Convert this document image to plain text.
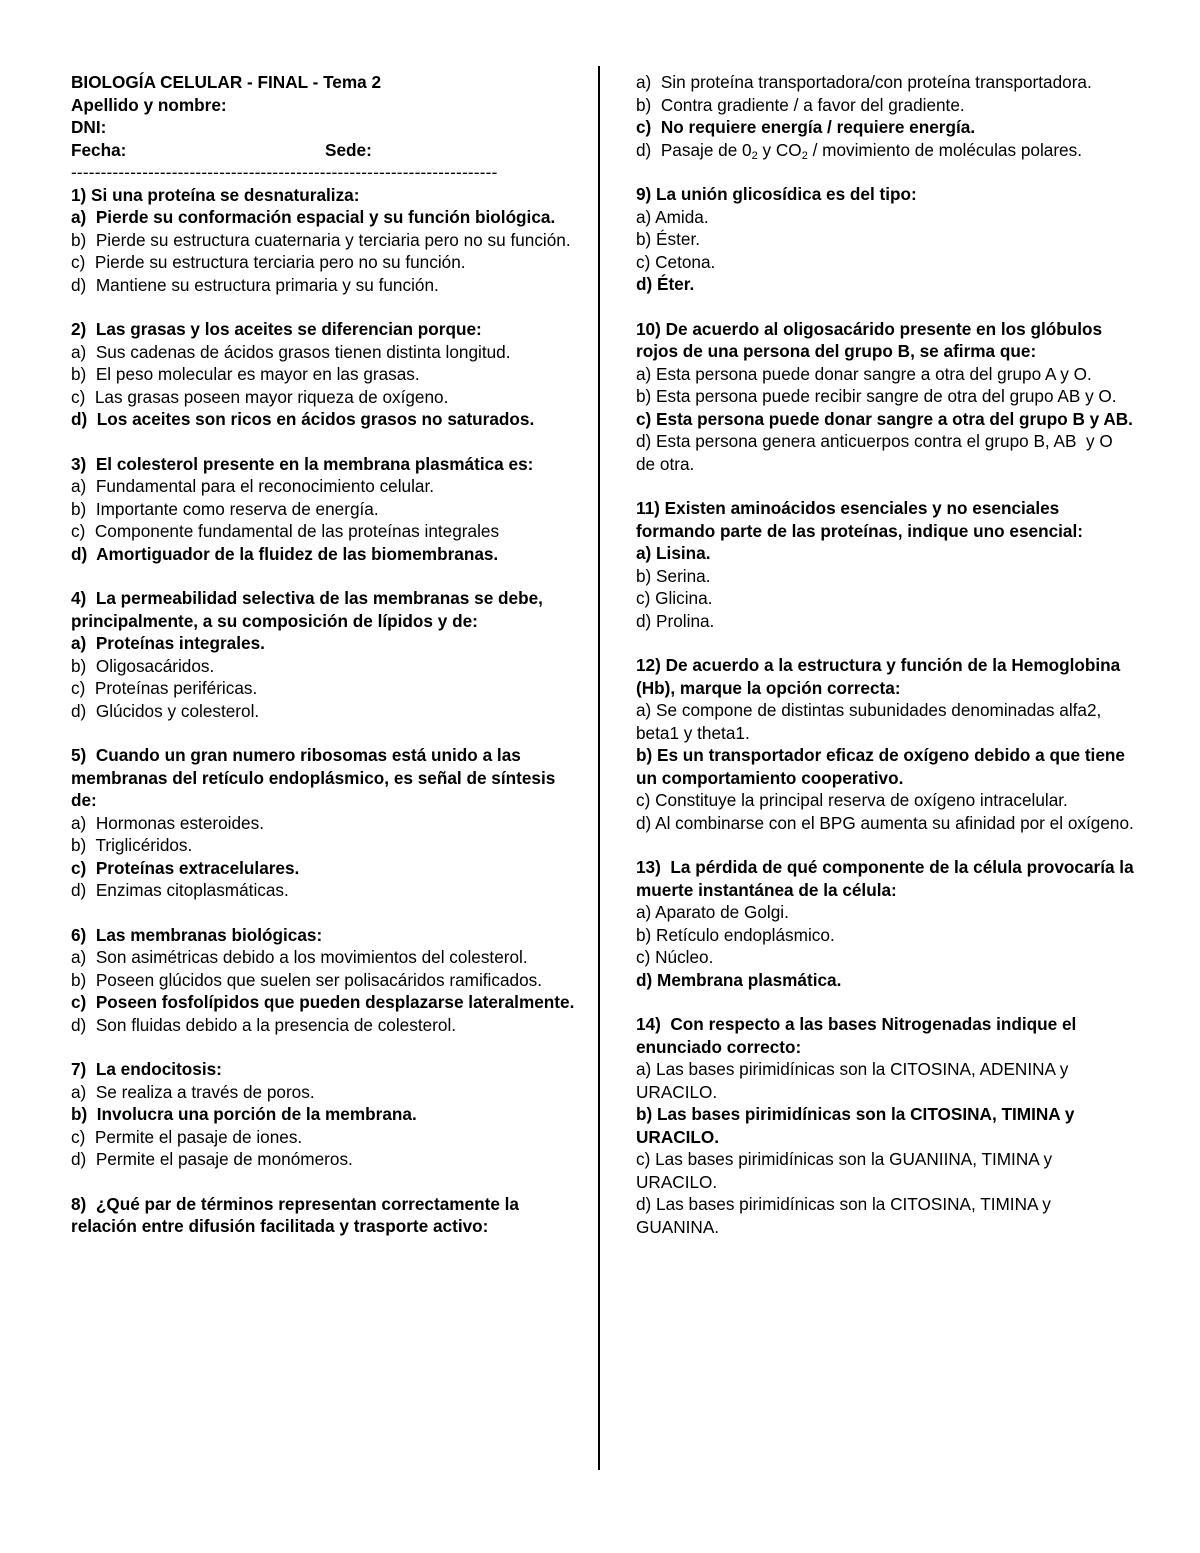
BIOLOGÍA CELULAR - FINAL - Tema 2
Apellido y nombre:
DNI:
Fecha:	Sede:
------------------------------------------------------------------------
1) Si una proteína se desnaturaliza:
a)  Pierde su conformación espacial y su función biológica.
b)  Pierde su estructura cuaternaria y terciaria pero no su función.
c)  Pierde su estructura terciaria pero no su función.
d)  Mantiene su estructura primaria y su función.
2)  Las grasas y los aceites se diferencian porque:
a)  Sus cadenas de ácidos grasos tienen distinta longitud.
b)  El peso molecular es mayor en las grasas.
c)  Las grasas poseen mayor riqueza de oxígeno.
d)  Los aceites son ricos en ácidos grasos no saturados.
3)  El colesterol presente en la membrana plasmática es:
a)  Fundamental para el reconocimiento celular.
b)  Importante como reserva de energía.
c)  Componente fundamental de las proteínas integrales
d)  Amortiguador de la fluidez de las biomembranas.
4)  La permeabilidad selectiva de las membranas se debe, principalmente, a su composición de lípidos y de:
a)  Proteínas integrales.
b)  Oligosacáridos.
c)  Proteínas periféricas.
d)  Glúcidos y colesterol.
5)  Cuando un gran numero ribosomas está unido a las membranas del retículo endoplásmico, es señal de síntesis de:
a)  Hormonas esteroides.
b)  Triglicéridos.
c)  Proteínas extracelulares.
d)  Enzimas citoplasmáticas.
6)  Las membranas biológicas:
a)  Son asimétricas debido a los movimientos del colesterol.
b)  Poseen glúcidos que suelen ser polisacáridos ramificados.
c)  Poseen fosfolípidos que pueden desplazarse lateralmente.
d)  Son fluidas debido a la presencia de colesterol.
7)  La endocitosis:
a)  Se realiza a través de poros.
b)  Involucra una porción de la membrana.
c)  Permite el pasaje de iones.
d)  Permite el pasaje de monómeros.
8)  ¿Qué par de términos representan correctamente la relación entre difusión facilitada y trasporte activo:
a)  Sin proteína transportadora/con proteína transportadora.
b)  Contra gradiente / a favor del gradiente.
c)  No requiere energía / requiere energía.
d)  Pasaje de $0_2$ y $CO_2$ / movimiento de moléculas polares.
9) La unión glicosídica es del tipo:
a) Amida.
b) Éster.
c) Cetona.
d) Éter.
10) De acuerdo al oligosacárido presente en los glóbulos rojos de una persona del grupo B, se afirma que:
a) Esta persona puede donar sangre a otra del grupo A y O.
b) Esta persona puede recibir sangre de otra del grupo AB y O.
c) Esta persona puede donar sangre a otra del grupo B y AB.
d) Esta persona genera anticuerpos contra el grupo B, AB  y O de otra.
11) Existen aminoácidos esenciales y no esenciales formando parte de las proteínas, indique uno esencial:
a) Lisina.
b) Serina.
c) Glicina.
d) Prolina.
12) De acuerdo a la estructura y función de la Hemoglobina (Hb), marque la opción correcta:
a) Se compone de distintas subunidades denominadas alfa2, beta1 y theta1.
b) Es un transportador eficaz de oxígeno debido a que tiene un comportamiento cooperativo.
c) Constituye la principal reserva de oxígeno intracelular.
d) Al combinarse con el BPG aumenta su afinidad por el oxígeno.
13)  La pérdida de qué componente de la célula provocaría la muerte instantánea de la célula:
a) Aparato de Golgi.
b) Retículo endoplásmico.
c) Núcleo.
d) Membrana plasmática.
14)  Con respecto a las bases Nitrogenadas indique el enunciado correcto:
a) Las bases pirimidínicas son la CITOSINA, ADENINA y URACILO.
b) Las bases pirimidínicas son la CITOSINA, TIMINA y URACILO.
c) Las bases pirimidínicas son la GUANIINA, TIMINA y URACILO.
d) Las bases pirimidínicas son la CITOSINA, TIMINA y GUANINA.
